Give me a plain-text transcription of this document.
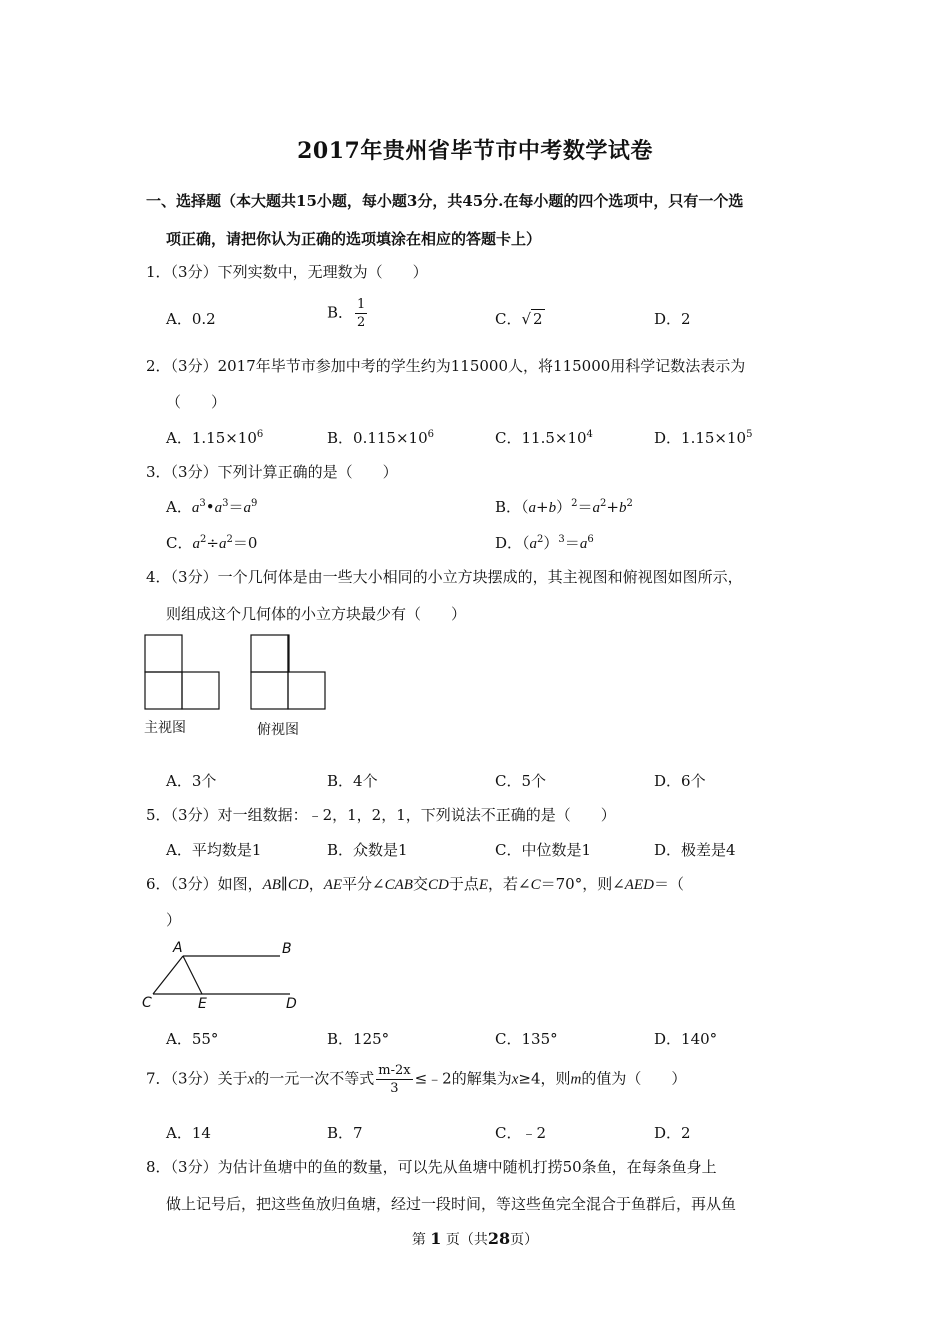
2017年贵州省毕节市中考数学试卷
一、选择题（本大题共15小题，每小题3分，共45分.在每小题的四个选项中，只有一个选
项正确，请把你认为正确的选项填涂在相应的答题卡上）
1．（3分）下列实数中，无理数为（　　）
A．0.2	B． $\frac{1}{2}$	C．√ 2	D．2
2．（3分）2017年毕节市参加中考的学生约为115000人，将115000用科学记数法表示为
（　　）
A．$1.15\times 10^6$	B．$0.115\times 10^6$	C．$11.5\times 10^4$	D．$1.15\times 10^5$
3．（3分）下列计算正确的是（　　）
A．$a^3•a^3=a^9$	B．$(a+b)^2=a^2+b^2$
C．$a^2\div a^2=0$	D．$(a^2)^3=a^6$
4．（3分）一个几何体是由一些大小相同的小立方块摆成的，其主视图和俯视图如图所示，
则组成这个几何体的小立方块最少有（　　）
主视图	俯视图
A．3个	B．4个	C．5个	D．6个
5．（3分）对一组数据：﹣2，1，2，1，下列说法不正确的是（　　）
A．平均数是1	B．众数是1	C．中位数是1	D．极差是4
6．（3分）如图，AB∥CD，AE平分∠CAB交CD于点E，若∠C＝70°，则∠AED＝（
）
A	B
C	E	D
A．55°	B．125°	C．135°	D．140°
7．（3分）关于x的一元一次不等式 $\frac{m-2x}{3}$ ≤﹣2的解集为x≥4，则m的值为（　　）
A．14	B．7	C．﹣2	D．2
8．（3分）为估计鱼塘中的鱼的数量，可以先从鱼塘中随机打捞50条鱼，在每条鱼身上
做上记号后，把这些鱼放归鱼塘，经过一段时间，等这些鱼完全混合于鱼群后，再从鱼
第 1 页（共28页）
